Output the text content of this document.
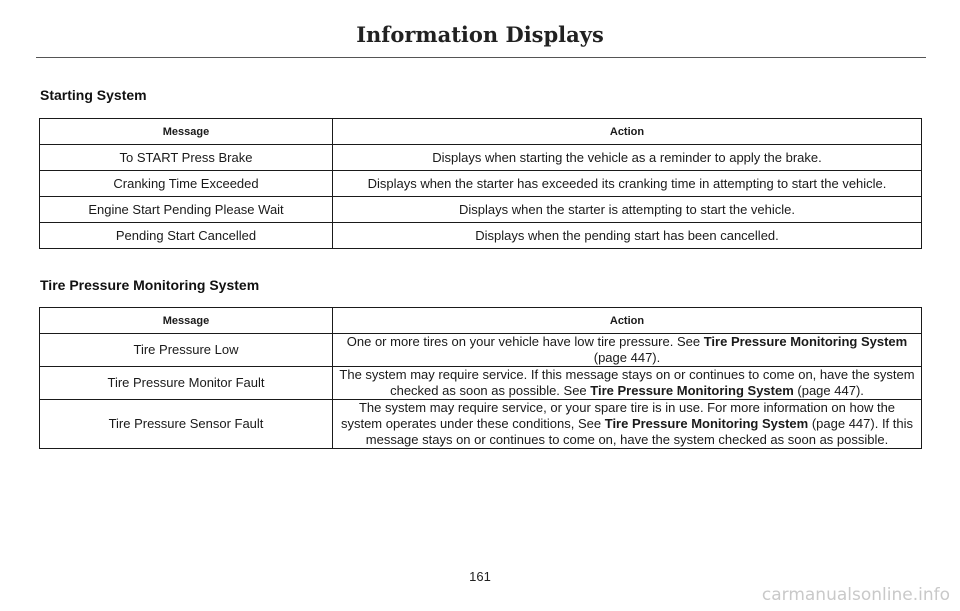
Information Displays
Starting System
Message	Action
To START Press Brake	Displays when starting the vehicle as a reminder to apply the brake.
Cranking Time Exceeded	Displays when the starter has exceeded its cranking time in attempting to start the vehicle.
Engine Start Pending Please Wait	Displays when the starter is attempting to start the vehicle.
Pending Start Cancelled	Displays when the pending start has been cancelled.
Tire Pressure Monitoring System
Message	Action
Tire Pressure Low	One or more tires on your vehicle have low tire pressure. See Tire Pressure Monitoring System (page 447).
Tire Pressure Monitor Fault	The system may require service. If this message stays on or continues to come on, have the system checked as soon as possible. See Tire Pressure Monitoring System (page 447).
Tire Pressure Sensor Fault	The system may require service, or your spare tire is in use. For more information on how the system operates under these conditions, See Tire Pressure Monitoring System (page 447). If this message stays on or continues to come on, have the system checked as soon as possible.
161
carmanualsonline.info
